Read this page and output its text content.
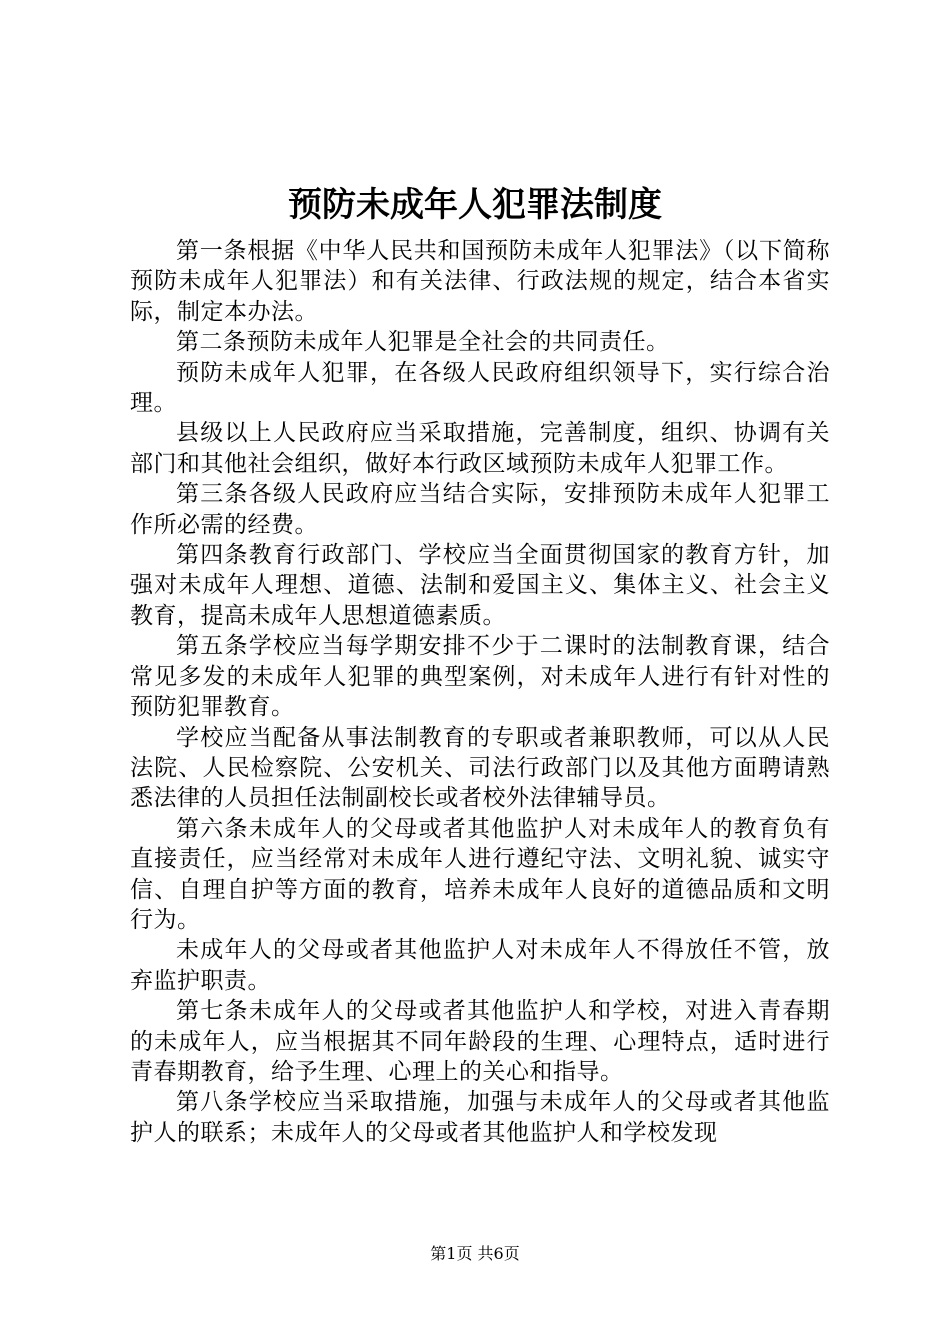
预防未成年人犯罪法制度

第一条根据《中华人民共和国预防未成年人犯罪法》（以下简称预防未成年人犯罪法）和有关法律、行政法规的规定，结合本省实际，制定本办法。

第二条预防未成年人犯罪是全社会的共同责任。

预防未成年人犯罪，在各级人民政府组织领导下，实行综合治理。

县级以上人民政府应当采取措施，完善制度，组织、协调有关部门和其他社会组织，做好本行政区域预防未成年人犯罪工作。

第三条各级人民政府应当结合实际，安排预防未成年人犯罪工作所必需的经费。

第四条教育行政部门、学校应当全面贯彻国家的教育方针，加强对未成年人理想、道德、法制和爱国主义、集体主义、社会主义教育，提高未成年人思想道德素质。

第五条学校应当每学期安排不少于二课时的法制教育课，结合常见多发的未成年人犯罪的典型案例，对未成年人进行有针对性的预防犯罪教育。

学校应当配备从事法制教育的专职或者兼职教师，可以从人民法院、人民检察院、公安机关、司法行政部门以及其他方面聘请熟悉法律的人员担任法制副校长或者校外法律辅导员。

第六条未成年人的父母或者其他监护人对未成年人的教育负有直接责任，应当经常对未成年人进行遵纪守法、文明礼貌、诚实守信、自理自护等方面的教育，培养未成年人良好的道德品质和文明行为。

未成年人的父母或者其他监护人对未成年人不得放任不管，放弃监护职责。

第七条未成年人的父母或者其他监护人和学校，对进入青春期的未成年人，应当根据其不同年龄段的生理、心理特点，适时进行青春期教育，给予生理、心理上的关心和指导。

第八条学校应当采取措施，加强与未成年人的父母或者其他监护人的联系；未成年人的父母或者其他监护人和学校发现

第1页 共6页
